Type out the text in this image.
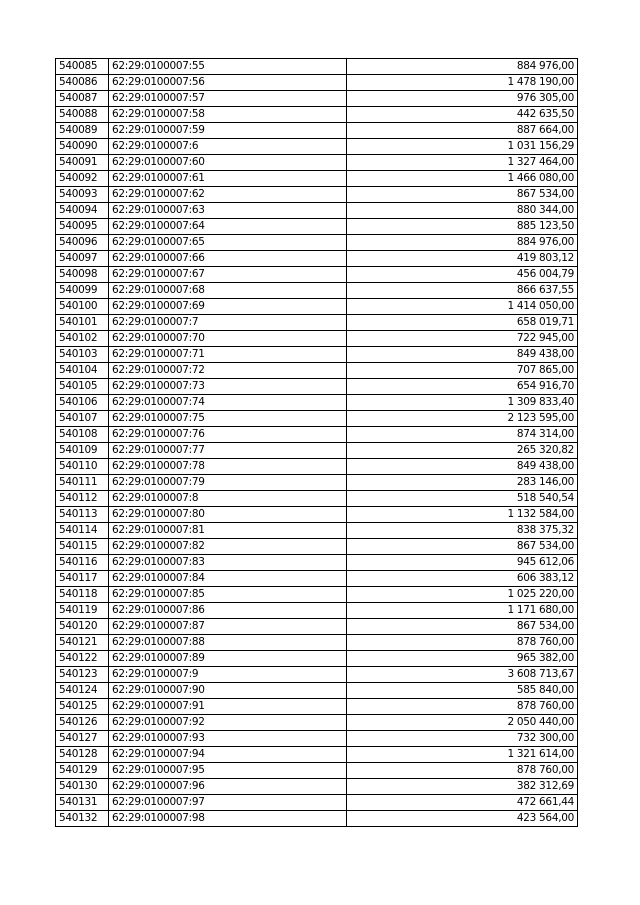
540085	62:29:0100007:55	884 976,00
540086	62:29:0100007:56	1 478 190,00
540087	62:29:0100007:57	976 305,00
540088	62:29:0100007:58	442 635,50
540089	62:29:0100007:59	887 664,00
540090	62:29:0100007:6	1 031 156,29
540091	62:29:0100007:60	1 327 464,00
540092	62:29:0100007:61	1 466 080,00
540093	62:29:0100007:62	867 534,00
540094	62:29:0100007:63	880 344,00
540095	62:29:0100007:64	885 123,50
540096	62:29:0100007:65	884 976,00
540097	62:29:0100007:66	419 803,12
540098	62:29:0100007:67	456 004,79
540099	62:29:0100007:68	866 637,55
540100	62:29:0100007:69	1 414 050,00
540101	62:29:0100007:7	658 019,71
540102	62:29:0100007:70	722 945,00
540103	62:29:0100007:71	849 438,00
540104	62:29:0100007:72	707 865,00
540105	62:29:0100007:73	654 916,70
540106	62:29:0100007:74	1 309 833,40
540107	62:29:0100007:75	2 123 595,00
540108	62:29:0100007:76	874 314,00
540109	62:29:0100007:77	265 320,82
540110	62:29:0100007:78	849 438,00
540111	62:29:0100007:79	283 146,00
540112	62:29:0100007:8	518 540,54
540113	62:29:0100007:80	1 132 584,00
540114	62:29:0100007:81	838 375,32
540115	62:29:0100007:82	867 534,00
540116	62:29:0100007:83	945 612,06
540117	62:29:0100007:84	606 383,12
540118	62:29:0100007:85	1 025 220,00
540119	62:29:0100007:86	1 171 680,00
540120	62:29:0100007:87	867 534,00
540121	62:29:0100007:88	878 760,00
540122	62:29:0100007:89	965 382,00
540123	62:29:0100007:9	3 608 713,67
540124	62:29:0100007:90	585 840,00
540125	62:29:0100007:91	878 760,00
540126	62:29:0100007:92	2 050 440,00
540127	62:29:0100007:93	732 300,00
540128	62:29:0100007:94	1 321 614,00
540129	62:29:0100007:95	878 760,00
540130	62:29:0100007:96	382 312,69
540131	62:29:0100007:97	472 661,44
540132	62:29:0100007:98	423 564,00
